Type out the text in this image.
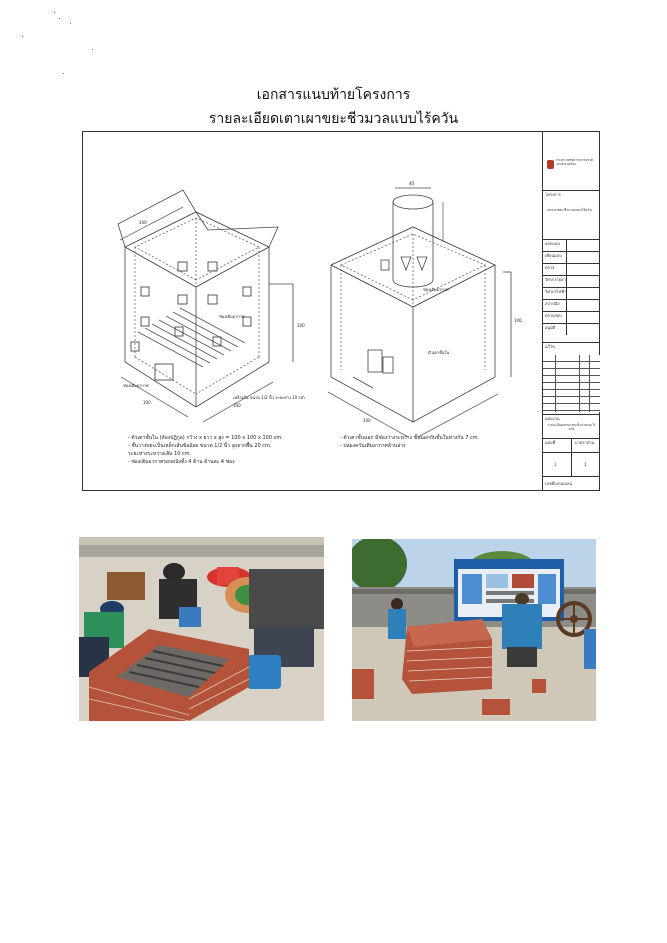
เอกสารแนบท้ายโครงการ
รายละเอียดเตาเผาขยะชีวมวลแบบไร้ควัน
100
100
100
100
40
100
100
ช่องเติมอากาศ
ช่องเติมอากาศ
เหล็กเส้น ขนาด 1/2 นิ้ว ระยะห่าง 10 cm.
ช่องเติมอากาศ
ตัวเตาชั้นใน
- ตัวเตาชั้นใน (ห้องปฏิกูล) กว้าง x ยาว x สูง = 100 x 100 x 100 cm.
- ชั้นวางขยะเป็นเหล็กเส้นข้ออ้อย ขนาด 1/2 นิ้ว สูงจากพื้น 20 cm.
ระยะห่างระหว่างเส้น 10 cm.
- ช่องเติมอากาศรอบผนังทั้ง 4 ด้าน ด้านละ 4 ช่อง
- ตัวเตาชั้นนอก มีช่องว่างระหว่าง ชั้นนอกกับชั้นในห่างกัน 7 cm.
- ปล่องควันเติมอากาศด้านล่าง
กระทรวงทรัพยากรธรรมชาติและสิ่งแวดล้อม
โครงการ
เตาเผาขยะชีวมวลแบบไร้ควัน
ออกแบบ
เขียนแบบ
ตรวจ
วิศวกรโยธา
วิศวกรไฟฟ้า
สถาปนิก
ตรวจสอบ
อนุมัติ
แก้ไข
แผ่นงาน
รายละเอียดเตาเผาขยะชีวมวลแบบไร้ควัน
แผ่นที่	มาตราส่วน
1	1
เลขที่แบบแปลน
